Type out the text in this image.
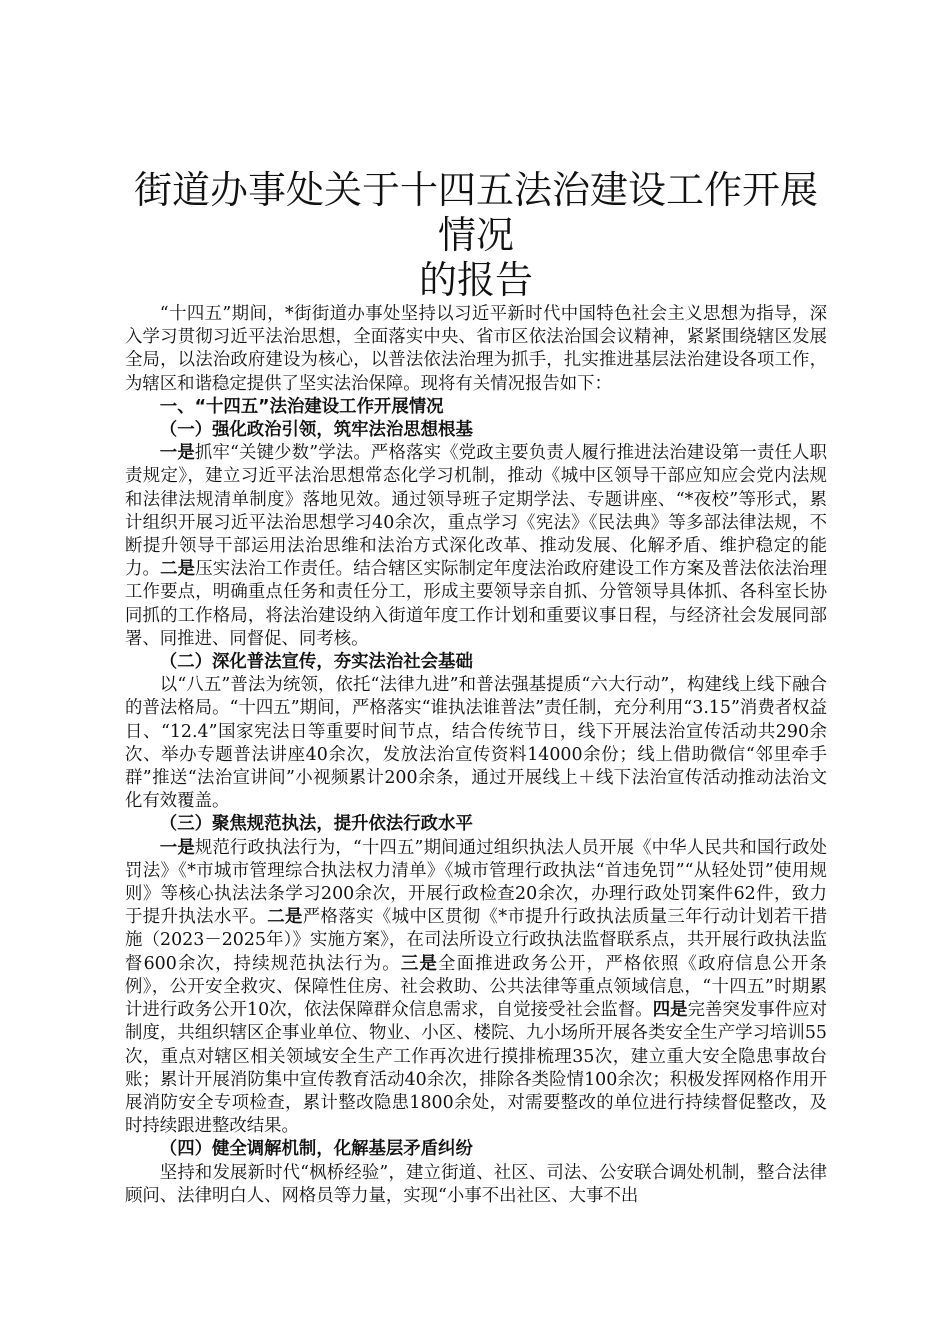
街道办事处关于十四五法治建设工作开展情况
的报告

“十四五”期间，*街街道办事处坚持以习近平新时代中国特色社会主义思想为指导，深入学习贯彻习近平法治思想，全面落实中央、省市区依法治国会议精神，紧紧围绕辖区发展全局，以法治政府建设为核心，以普法依法治理为抓手，扎实推进基层法治建设各项工作，为辖区和谐稳定提供了坚实法治保障。现将有关情况报告如下：

一、“十四五”法治建设工作开展情况

（一）强化政治引领，筑牢法治思想根基

一是抓牢“关键少数”学法。严格落实《党政主要负责人履行推进法治建设第一责任人职责规定》，建立习近平法治思想常态化学习机制，推动《城中区领导干部应知应会党内法规和法律法规清单制度》落地见效。通过领导班子定期学法、专题讲座、“*夜校”等形式，累计组织开展习近平法治思想学习40余次，重点学习《宪法》《民法典》等多部法律法规，不断提升领导干部运用法治思维和法治方式深化改革、推动发展、化解矛盾、维护稳定的能力。二是压实法治工作责任。结合辖区实际制定年度法治政府建设工作方案及普法依法治理工作要点，明确重点任务和责任分工，形成主要领导亲自抓、分管领导具体抓、各科室长协同抓的工作格局，将法治建设纳入街道年度工作计划和重要议事日程，与经济社会发展同部署、同推进、同督促、同考核。

（二）深化普法宣传，夯实法治社会基础

以“八五”普法为统领，依托“法律九进”和普法强基提质“六大行动”，构建线上线下融合的普法格局。“十四五”期间，严格落实“谁执法谁普法”责任制，充分利用“3.15”消费者权益日、“12.4”国家宪法日等重要时间节点，结合传统节日，线下开展法治宣传活动共290余次、举办专题普法讲座40余次，发放法治宣传资料14000余份；线上借助微信“邻里牵手群”推送“法治宣讲间”小视频累计200余条，通过开展线上＋线下法治宣传活动推动法治文化有效覆盖。

（三）聚焦规范执法，提升依法行政水平

一是规范行政执法行为，“十四五”期间通过组织执法人员开展《中华人民共和国行政处罚法》《*市城市管理综合执法权力清单》《城市管理行政执法“首违免罚”“从轻处罚”使用规则》等核心执法法条学习200余次，开展行政检查20余次，办理行政处罚案件62件，致力于提升执法水平。二是严格落实《城中区贯彻《*市提升行政执法质量三年行动计划若干措施（2023－2025年）》实施方案》，在司法所设立行政执法监督联系点，共开展行政执法监督600余次，持续规范执法行为。三是全面推进政务公开，严格依照《政府信息公开条例》，公开安全救灾、保障性住房、社会救助、公共法律等重点领域信息，“十四五”时期累计进行政务公开10次，依法保障群众信息需求，自觉接受社会监督。四是完善突发事件应对制度，共组织辖区企事业单位、物业、小区、楼院、九小场所开展各类安全生产学习培训55次，重点对辖区相关领域安全生产工作再次进行摸排梳理35次，建立重大安全隐患事故台账；累计开展消防集中宣传教育活动40余次，排除各类险情100余次；积极发挥网格作用开展消防安全专项检查，累计整改隐患1800余处，对需要整改的单位进行持续督促整改，及时持续跟进整改结果。

（四）健全调解机制，化解基层矛盾纠纷

坚持和发展新时代“枫桥经验”，建立街道、社区、司法、公安联合调处机制，整合法律顾问、法律明白人、网格员等力量，实现“小事不出社区、大事不出
